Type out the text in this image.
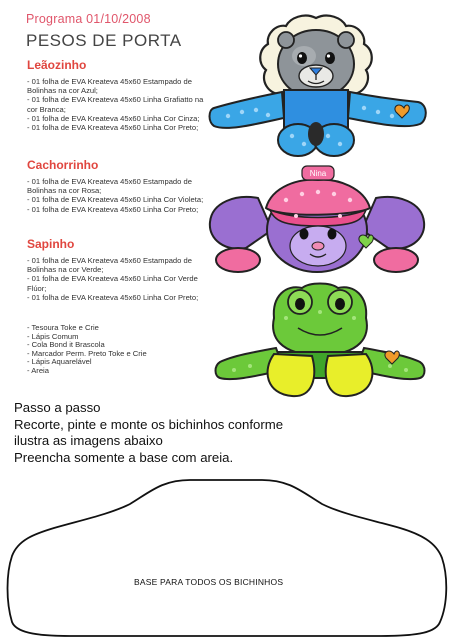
Programa 01/10/2008
PESOS DE PORTA
Leãozinho
- 01 folha de EVA Kreateva 45x60 Estampado de Bolinhas na cor Azul;
- 01 folha de EVA Kreateva 45x60 Linha Grafiatto na cor Branca;
- 01 folha de EVA Kreateva 45x60 Linha Cor Cinza;
- 01 folha de EVA Kreateva 45x60 Linha Cor Preto;
Cachorrinho
- 01 folha de EVA Kreateva 45x60 Estampado de Bolinhas na cor Rosa;
- 01 folha de EVA Kreateva 45x60 Linha Cor Violeta;
- 01 folha de EVA Kreateva 45x60 Linha Cor Preto;
Sapinho
- 01 folha de EVA Kreateva 45x60 Estampado de Bolinhas na cor Verde;
- 01 folha de EVA Kreateva 45x60 Linha Cor Verde Flúor;
- 01 folha de EVA Kreateva 45x60 Linha Cor Preto;
- Tesoura Toke e Crie
- Lápis Comum
- Cola Bond it Brascola
- Marcador Perm. Preto Toke e Crie
- Lápis Aquarelável
- Areia
Nina
Passo a passo
Recorte, pinte e monte os bichinhos conforme
ilustra as imagens abaixo
Preencha somente a base com areia.
BASE PARA TODOS OS BICHINHOS
